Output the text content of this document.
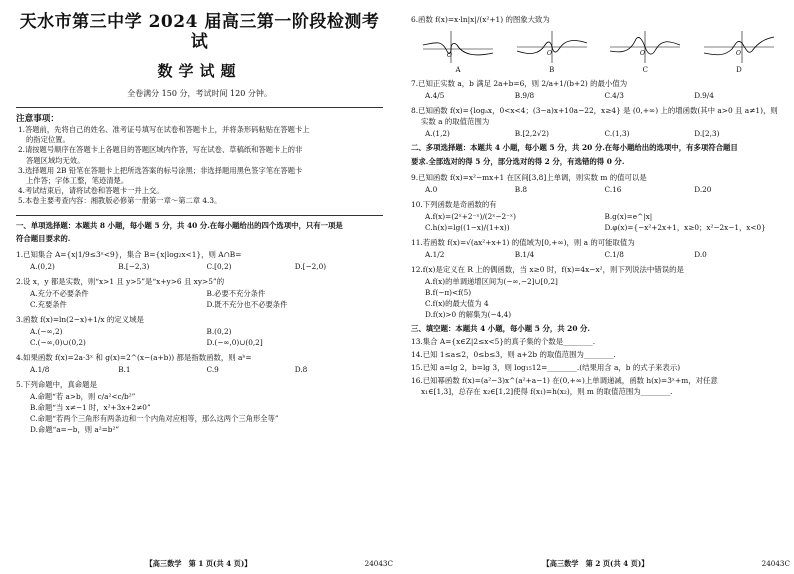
天水市第三中学 2024 届高三第一阶段检测考试
数学试题
全卷满分 150 分，考试时间 120 分钟。
注意事项：
1.答题前，先将自己的姓名、准考证号填写在试卷和答题卡上，并将条形码粘贴在答题卡上
的指定位置。
2.请按题号顺序在答题卡上各题目的答题区域内作答，写在试卷、草稿纸和答题卡上的非
答题区域均无效。
3.选择题用 2B 铅笔在答题卡上把所选答案的标号涂黑；非选择题用黑色签字笔在答题卡
上作答；字体工整，笔迹清楚。
4.考试结束后，请将试卷和答题卡一并上交。
5.本卷主要考查内容：湘教版必修第一册第一章～第二章 4.3。
一、单项选择题：本题共 8 小题，每小题 5 分，共 40 分.在每小题给出的四个选项中，只有一项是
符合题目要求的.
1.已知集合 A={x|1/9≤3ˣ<9}，集合 B={x|log₂x<1}，则 A∩B=
A.(0,2)	B.[−2,3)	C.[0,2)	D.[−2,0)
2.设 x，y 都是实数，则“x>1 且 y>5”是“x+y>6 且 xy>5”的
A.充分不必要条件	B.必要不充分条件
C.充要条件	D.既不充分也不必要条件
3.函数 f(x)=ln(2−x)+1/x 的定义域是
A.(−∞,2)	B.(0,2)
C.(−∞,0)∪(0,2)	D.(−∞,0)∪(0,2]
4.如果函数 f(x)=2a·3ˣ 和 g(x)=2^(x−(a+b)) 都是指数函数，则 aᵇ=
A.1/8	B.1	C.9	D.8
5.下列命题中，真命题是
A.命题“若 a>b，则 c/a²<c/b²”
B.命题“当 x≠−1 时，x²+3x+2≠0”
C.命题“若两个三角形有两条边和一个内角对应相等，那么这两个三角形全等”
D.命题“a=−b，则 a²=b²”
【高三数学　第 1 页(共 4 页)】	24043C
6.函数 f(x)=x·ln|x|/(x²+1) 的图象大致为
O
A
O
B
O
C
O
D
7.已知正实数 a，b 满足 2a+b=6，则 2/a+1/(b+2) 的最小值为
A.4/5	B.9/8	C.4/3	D.9/4
8.已知函数 f(x)={logₐx，0<x<4；(3−a)x+10a−22，x≥4} 是 (0,+∞) 上的增函数(其中 a>0 且 a≠1)，则
实数 a 的取值范围为
A.(1,2)	B.[2,2√2)	C.(1,3)	D.[2,3)
二、多项选择题：本题共 4 小题，每小题 5 分，共 20 分.在每小题给出的选项中，有多项符合题目
要求.全部选对的得 5 分，部分选对的得 2 分，有选错的得 0 分.
9.已知函数 f(x)=x²−mx+1 在区间[3,8]上单调，则实数 m 的值可以是
A.0	B.8	C.16	D.20
10.下列函数是奇函数的有
A.f(x)=(2ˣ+2⁻ˣ)/(2ˣ−2⁻ˣ)	B.g(x)=e^|x|
C.h(x)=lg((1−x)/(1+x))	D.φ(x)={−x²+2x+1，x≥0；x²−2x−1，x<0}
11.若函数 f(x)=√(ax²+x+1) 的值域为[0,+∞)，则 a 的可能取值为
A.1/2	B.1/4	C.1/8	D.0
12.f(x)是定义在 R 上的偶函数，当 x≥0 时，f(x)=4x−x²，则下列说法中错误的是
A.f(x)的单调递增区间为(−∞,−2]∪[0,2]
B.f(−π)<f(5)
C.f(x)的最大值为 4
D.f(x)>0 的解集为(−4,4)
三、填空题：本题共 4 小题，每小题 5 分，共 20 分.
13.集合 A={x∈Z|2≤x<5}的真子集的个数是________.
14.已知 1≤a≤2，0≤b≤3，则 a+2b 的取值范围为________.
15.已知 a=lg 2，b=lg 3，则 log₁₅12=________.(结果用含 a，b 的式子来表示)
16.已知幂函数 f(x)=(a²−3)x^(a²+a−1) 在(0,+∞)上单调递减，函数 h(x)=3ˣ+m，对任意
x₁∈[1,3]，总存在 x₂∈[1,2]使得 f(x₁)=h(x₂)，则 m 的取值范围为________.
【高三数学　第 2 页(共 4 页)】	24043C
